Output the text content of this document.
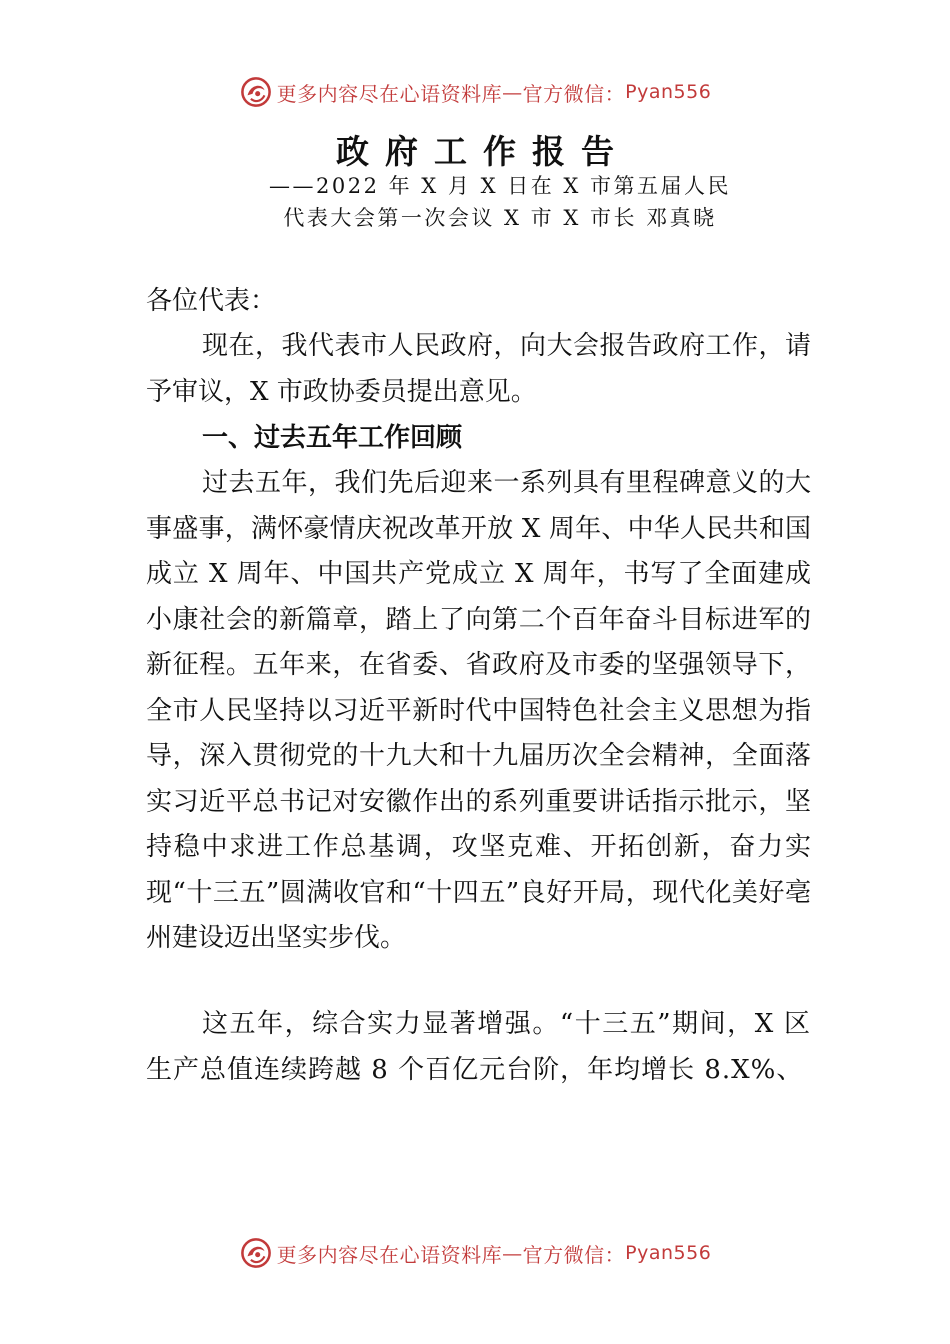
更多内容尽在心语资料库 — 官方微信： Pyan556
政府工作报告
——2022 年 X 月 X 日在 X 市第五届人民
代表大会第一次会议 X 市 X 市长 邓真晓
各位代表：
现在，我代表市人民政府，向大会报告政府工作，请予审议，X 市政协委员提出意见。
一、过去五年工作回顾
过去五年，我们先后迎来一系列具有里程碑意义的大事盛事，满怀豪情庆祝改革开放 X 周年、中华人民共和国成立 X 周年、中国共产党成立 X 周年，书写了全面建成小康社会的新篇章，踏上了向第二个百年奋斗目标进军的新征程。五年来，在省委、省政府及市委的坚强领导下，全市人民坚持以习近平新时代中国特色社会主义思想为指导，深入贯彻党的十九大和十九届历次全会精神，全面落实习近平总书记对安徽作出的系列重要讲话指示批示，坚持稳中求进工作总基调，攻坚克难、开拓创新，奋力实现“十三五”圆满收官和“十四五”良好开局，现代化美好亳州建设迈出坚实步伐。
这五年，综合实力显著增强。“十三五”期间，X 区生产总值连续跨越 8 个百亿元台阶，年均增长 8.X%、
更多内容尽在心语资料库 — 官方微信： Pyan556
